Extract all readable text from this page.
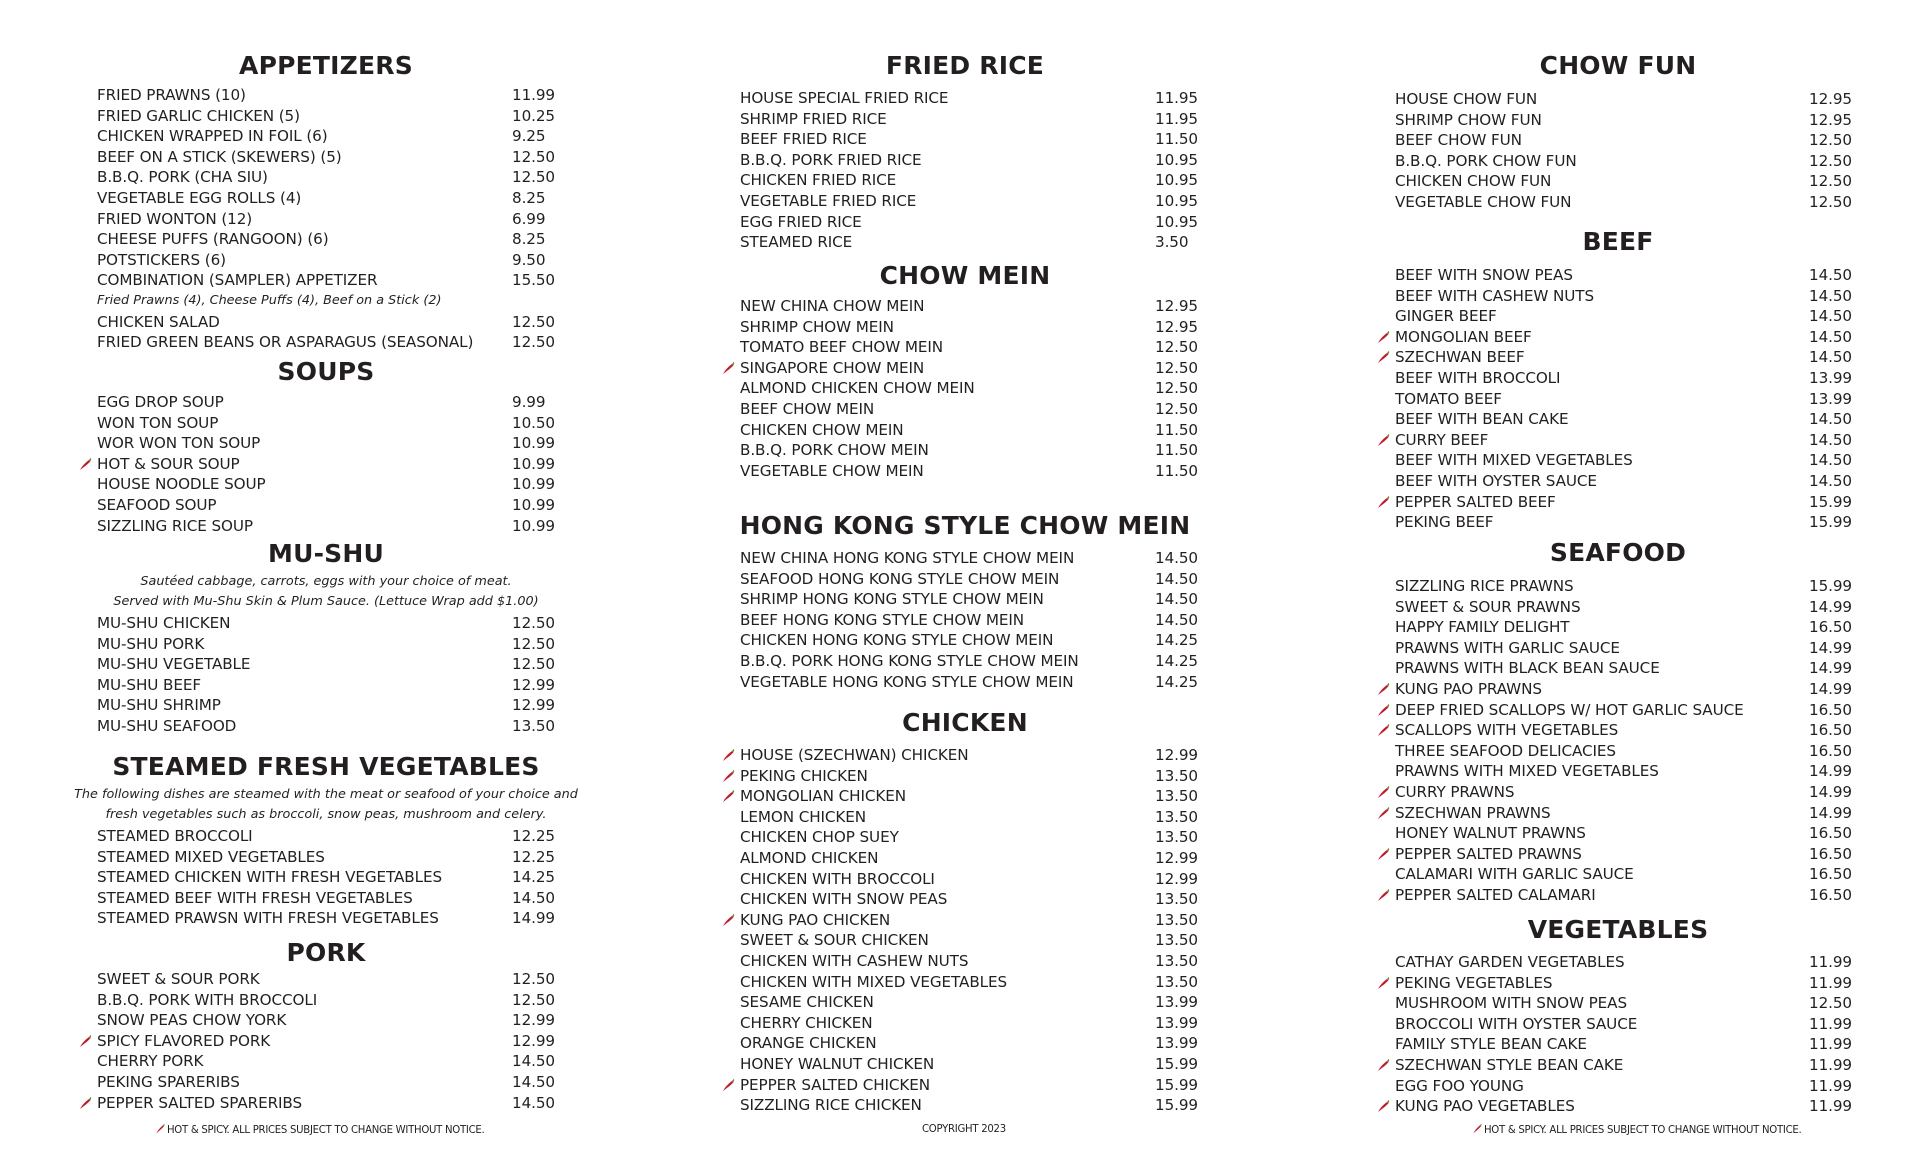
APPETIZERS
FRIED PRAWNS (10)	11.99
FRIED GARLIC CHICKEN (5)	10.25
CHICKEN WRAPPED IN FOIL (6)	9.25
BEEF ON A STICK (SKEWERS) (5)	12.50
B.B.Q. PORK (CHA SIU)	12.50
VEGETABLE EGG ROLLS (4)	8.25
FRIED WONTON (12)	6.99
CHEESE PUFFS (RANGOON) (6)	8.25
POTSTICKERS (6)	9.50
COMBINATION (SAMPLER) APPETIZER	15.50
Fried Prawns (4), Cheese Puffs (4), Beef on a Stick (2)
CHICKEN SALAD	12.50
FRIED GREEN BEANS OR ASPARAGUS (SEASONAL)	12.50
SOUPS
EGG DROP SOUP	9.99
WON TON SOUP	10.50
WOR WON TON SOUP	10.99
HOT & SOUR SOUP	10.99
HOUSE NOODLE SOUP	10.99
SEAFOOD SOUP	10.99
SIZZLING RICE SOUP	10.99
MU-SHU
Sautéed cabbage, carrots, eggs with your choice of meat.
Served with Mu-Shu Skin & Plum Sauce. (Lettuce Wrap add $1.00)
MU-SHU CHICKEN	12.50
MU-SHU PORK	12.50
MU-SHU VEGETABLE	12.50
MU-SHU BEEF	12.99
MU-SHU SHRIMP	12.99
MU-SHU SEAFOOD	13.50
STEAMED FRESH VEGETABLES
The following dishes are steamed with the meat or seafood of your choice and
fresh vegetables such as broccoli, snow peas, mushroom and celery.
STEAMED BROCCOLI	12.25
STEAMED MIXED VEGETABLES	12.25
STEAMED CHICKEN WITH FRESH VEGETABLES	14.25
STEAMED BEEF WITH FRESH VEGETABLES	14.50
STEAMED PRAWSN WITH FRESH VEGETABLES	14.99
PORK
SWEET & SOUR PORK	12.50
B.B.Q. PORK WITH BROCCOLI	12.50
SNOW PEAS CHOW YORK	12.99
SPICY FLAVORED PORK	12.99
CHERRY PORK	14.50
PEKING SPARERIBS	14.50
PEPPER SALTED SPARERIBS	14.50
FRIED RICE
HOUSE SPECIAL FRIED RICE	11.95
SHRIMP FRIED RICE	11.95
BEEF FRIED RICE	11.50
B.B.Q. PORK FRIED RICE	10.95
CHICKEN FRIED RICE	10.95
VEGETABLE FRIED RICE	10.95
EGG FRIED RICE	10.95
STEAMED RICE	3.50
CHOW MEIN
NEW CHINA CHOW MEIN	12.95
SHRIMP CHOW MEIN	12.95
TOMATO BEEF CHOW MEIN	12.50
SINGAPORE CHOW MEIN	12.50
ALMOND CHICKEN CHOW MEIN	12.50
BEEF CHOW MEIN	12.50
CHICKEN CHOW MEIN	11.50
B.B.Q. PORK CHOW MEIN	11.50
VEGETABLE CHOW MEIN	11.50
HONG KONG STYLE CHOW MEIN
NEW CHINA HONG KONG STYLE CHOW MEIN	14.50
SEAFOOD HONG KONG STYLE CHOW MEIN	14.50
SHRIMP HONG KONG STYLE CHOW MEIN	14.50
BEEF HONG KONG STYLE CHOW MEIN	14.50
CHICKEN HONG KONG STYLE CHOW MEIN	14.25
B.B.Q. PORK HONG KONG STYLE CHOW MEIN	14.25
VEGETABLE HONG KONG STYLE CHOW MEIN	14.25
CHICKEN
HOUSE (SZECHWAN) CHICKEN	12.99
PEKING CHICKEN	13.50
MONGOLIAN CHICKEN	13.50
LEMON CHICKEN	13.50
CHICKEN CHOP SUEY	13.50
ALMOND CHICKEN	12.99
CHICKEN WITH BROCCOLI	12.99
CHICKEN WITH SNOW PEAS	13.50
KUNG PAO CHICKEN	13.50
SWEET & SOUR CHICKEN	13.50
CHICKEN WITH CASHEW NUTS	13.50
CHICKEN WITH MIXED VEGETABLES	13.50
SESAME CHICKEN	13.99
CHERRY CHICKEN	13.99
ORANGE CHICKEN	13.99
HONEY WALNUT CHICKEN	15.99
PEPPER SALTED CHICKEN	15.99
SIZZLING RICE CHICKEN	15.99
CHOW FUN
HOUSE CHOW FUN	12.95
SHRIMP CHOW FUN	12.95
BEEF CHOW FUN	12.50
B.B.Q. PORK CHOW FUN	12.50
CHICKEN CHOW FUN	12.50
VEGETABLE CHOW FUN	12.50
BEEF
BEEF WITH SNOW PEAS	14.50
BEEF WITH CASHEW NUTS	14.50
GINGER BEEF	14.50
MONGOLIAN BEEF	14.50
SZECHWAN BEEF	14.50
BEEF WITH BROCCOLI	13.99
TOMATO BEEF	13.99
BEEF WITH BEAN CAKE	14.50
CURRY BEEF	14.50
BEEF WITH MIXED VEGETABLES	14.50
BEEF WITH OYSTER SAUCE	14.50
PEPPER SALTED BEEF	15.99
PEKING BEEF	15.99
SEAFOOD
SIZZLING RICE PRAWNS	15.99
SWEET & SOUR PRAWNS	14.99
HAPPY FAMILY DELIGHT	16.50
PRAWNS WITH GARLIC SAUCE	14.99
PRAWNS WITH BLACK BEAN SAUCE	14.99
KUNG PAO PRAWNS	14.99
DEEP FRIED SCALLOPS W/ HOT GARLIC SAUCE	16.50
SCALLOPS WITH VEGETABLES	16.50
THREE SEAFOOD DELICACIES	16.50
PRAWNS WITH MIXED VEGETABLES	14.99
CURRY PRAWNS	14.99
SZECHWAN PRAWNS	14.99
HONEY WALNUT PRAWNS	16.50
PEPPER SALTED PRAWNS	16.50
CALAMARI WITH GARLIC SAUCE	16.50
PEPPER SALTED CALAMARI	16.50
VEGETABLES
CATHAY GARDEN VEGETABLES	11.99
PEKING VEGETABLES	11.99
MUSHROOM WITH SNOW PEAS	12.50
BROCCOLI WITH OYSTER SAUCE	11.99
FAMILY STYLE BEAN CAKE	11.99
SZECHWAN STYLE BEAN CAKE	11.99
EGG FOO YOUNG	11.99
KUNG PAO VEGETABLES	11.99
HOT & SPICY. ALL PRICES SUBJECT TO CHANGE WITHOUT NOTICE.	COPYRIGHT 2023	HOT & SPICY. ALL PRICES SUBJECT TO CHANGE WITHOUT NOTICE.
